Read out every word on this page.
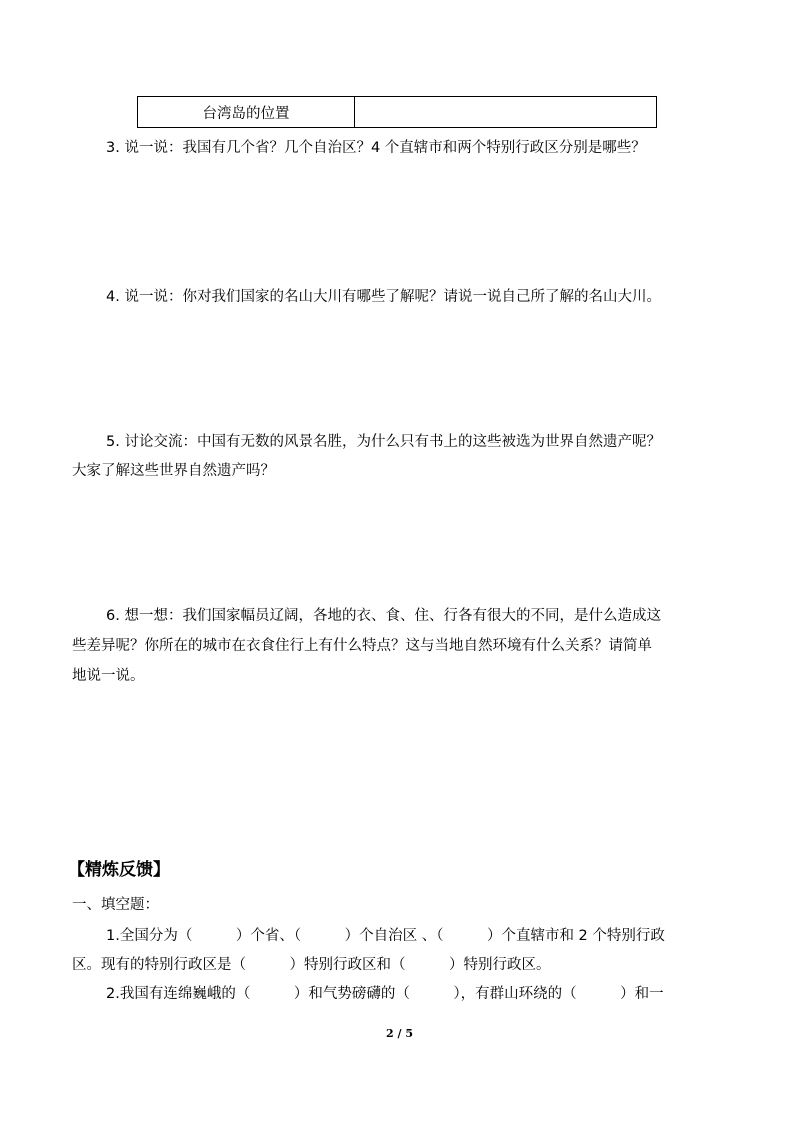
台湾岛的位置	
3. 说一说：我国有几个省？几个自治区？4 个直辖市和两个特别行政区分别是哪些？
4. 说一说：你对我们国家的名山大川有哪些了解呢？请说一说自己所了解的名山大川。
5. 讨论交流：中国有无数的风景名胜，为什么只有书上的这些被选为世界自然遗产呢？
大家了解这些世界自然遗产吗？
6. 想一想：我们国家幅员辽阔，各地的衣、食、住、行各有很大的不同，是什么造成这
些差异呢？你所在的城市在衣食住行上有什么特点？这与当地自然环境有什么关系？请简单
地说一说。
【精炼反馈】
一、填空题：
1.全国分为（　　　）个省、（　　　）个自治区 、（　　　）个直辖市和 2 个特别行政
区。现有的特别行政区是（　　　）特别行政区和（　　　）特别行政区。
2.我国有连绵巍峨的（　　　）和气势磅礴的（　　　），有群山环绕的（　　　）和一
2 / 5
